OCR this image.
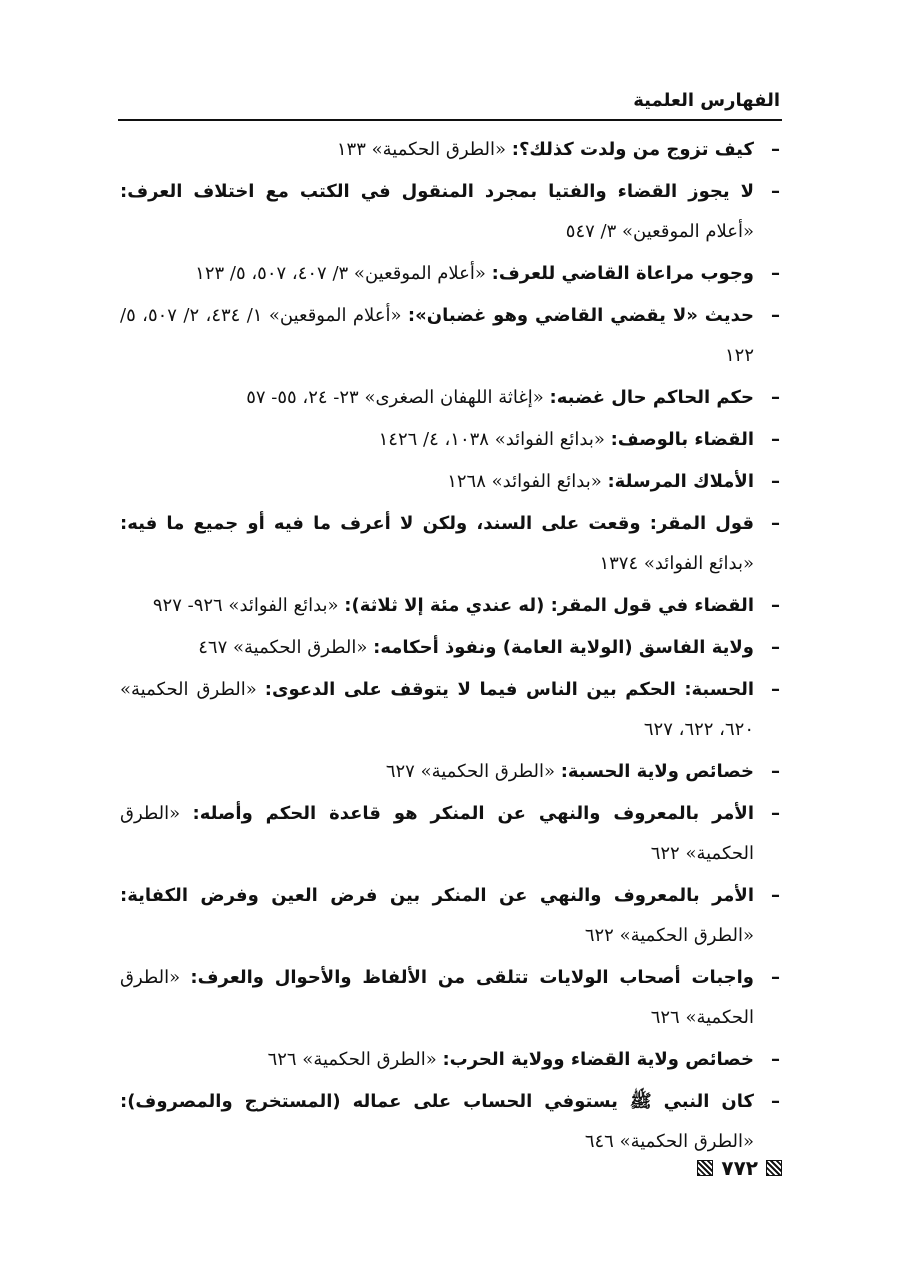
الفهارس العلمية
–
كيف تزوج من ولدت كذلك؟: «الطرق الحكمية» ١٣٣
–
لا يجوز القضاء والفتيا بمجرد المنقول في الكتب مع اختلاف العرف: «أعلام الموقعين» ٣/ ٥٤٧
–
وجوب مراعاة القاضي للعرف: «أعلام الموقعين» ٣/ ٤٠٧، ٥٠٧، ٥/ ١٢٣
–
حديث «لا يقضي القاضي وهو غضبان»: «أعلام الموقعين» ١/ ٤٣٤، ٢/ ٥٠٧، ٥/ ١٢٢
–
حكم الحاكم حال غضبه: «إغاثة اللهفان الصغرى» ٢٣- ٢٤، ٥٥- ٥٧
–
القضاء بالوصف: «بدائع الفوائد» ١٠٣٨، ٤/ ١٤٢٦
–
الأملاك المرسلة: «بدائع الفوائد» ١٢٦٨
–
قول المقر: وقعت على السند، ولكن لا أعرف ما فيه أو جميع ما فيه: «بدائع الفوائد» ١٣٧٤
–
القضاء في قول المقر: (له عندي مئة إلا ثلاثة): «بدائع الفوائد» ٩٢٦- ٩٢٧
–
ولاية الفاسق (الولاية العامة) ونفوذ أحكامه: «الطرق الحكمية» ٤٦٧
–
الحسبة: الحكم بين الناس فيما لا يتوقف على الدعوى: «الطرق الحكمية» ٦٢٠، ٦٢٢، ٦٢٧
–
خصائص ولاية الحسبة: «الطرق الحكمية» ٦٢٧
–
الأمر بالمعروف والنهي عن المنكر هو قاعدة الحكم وأصله: «الطرق الحكمية» ٦٢٢
–
الأمر بالمعروف والنهي عن المنكر بين فرض العين وفرض الكفاية: «الطرق الحكمية» ٦٢٢
–
واجبات أصحاب الولايات تتلقى من الألفاظ والأحوال والعرف: «الطرق الحكمية» ٦٢٦
–
خصائص ولاية القضاء وولاية الحرب: «الطرق الحكمية» ٦٢٦
–
كان النبي ﷺ يستوفي الحساب على عماله (المستخرج والمصروف): «الطرق الحكمية» ٦٤٦
٧٧٢
